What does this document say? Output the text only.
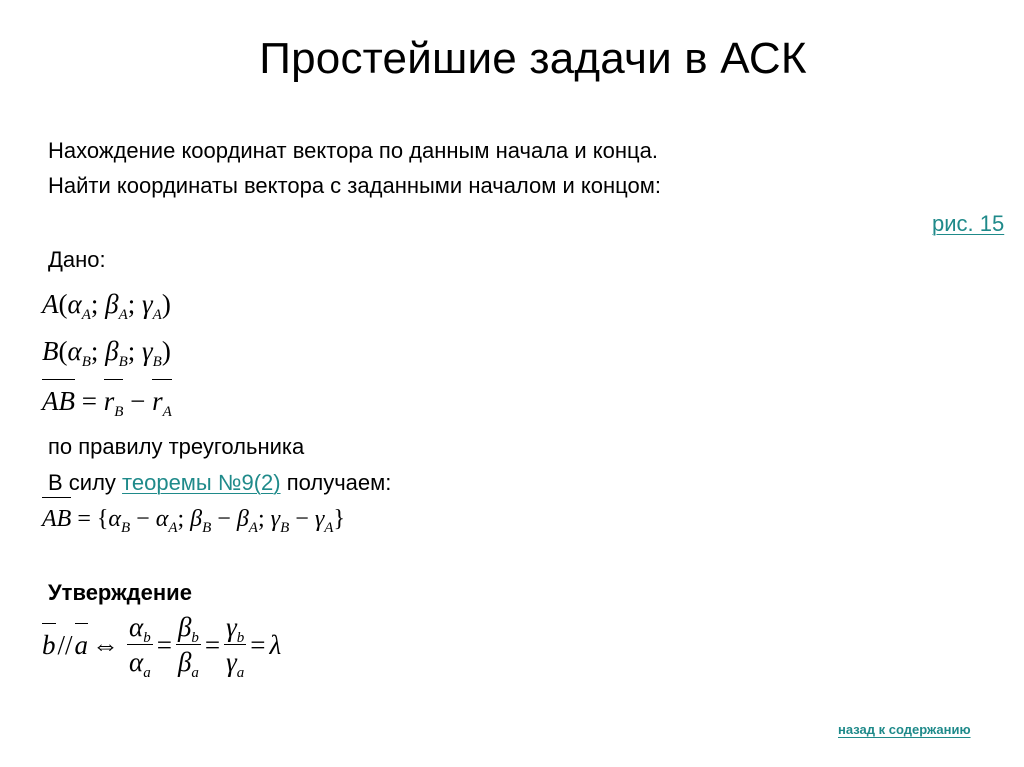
Простейшие задачи в АСК

Нахождение координат вектора по данным начала и конца.

Найти координаты вектора с заданными началом и концом:

рис. 15

Дано:

$A(\alpha_A$; $\beta_A$; $\gamma_A$)
$B(\alpha_B$; $\beta_B$; $\gamma_B$)
AB = $r_B - r_A$

по правилу треугольника

В силу теоремы №9(2) получаем:

AB = {$\alpha_B - \alpha_A$; $\beta_B - \beta_A$; $\gamma_B - \gamma_A$}

Утверждение

b // a ⇔ $\frac{\alpha_b}{\alpha_a} = \frac{\beta_b}{\beta_a} = \frac{\gamma_b}{\gamma_a} = \lambda$
назад к содержанию
